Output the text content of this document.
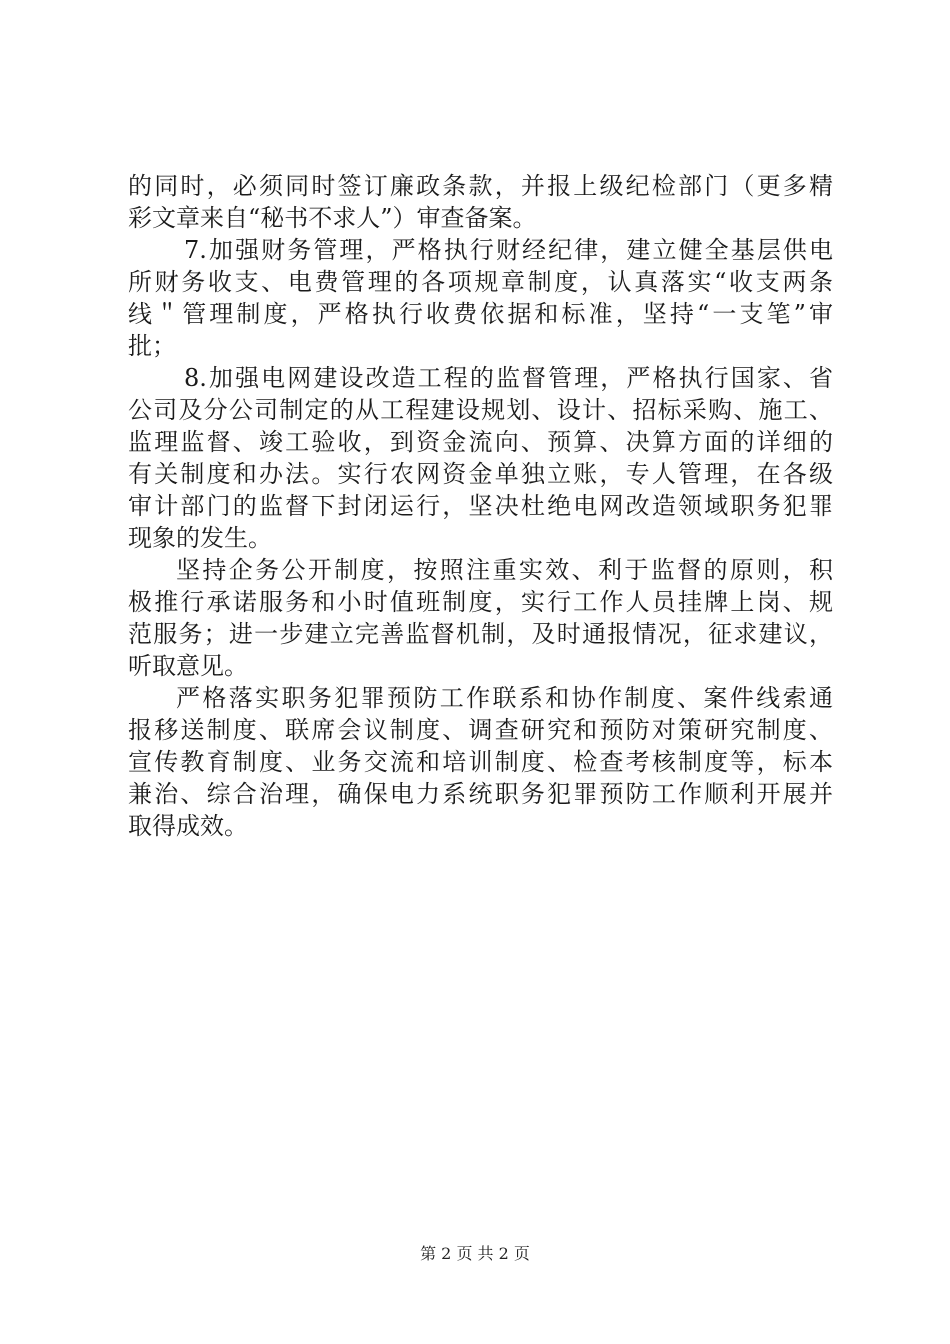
的同时，必须同时签订廉政条款，并报上级纪检部门（更多精
彩文章来自“秘书不求人”）审查备案。
7.加强财务管理，严格执行财经纪律，建立健全基层供电
所财务收支、电费管理的各项规章制度，认真落实“收支两条
线＂管理制度，严格执行收费依据和标准，坚持“一支笔”审
批；
8.加强电网建设改造工程的监督管理，严格执行国家、省
公司及分公司制定的从工程建设规划、设计、招标采购、施工、
监理监督、竣工验收，到资金流向、预算、决算方面的详细的
有关制度和办法。实行农网资金单独立账，专人管理，在各级
审计部门的监督下封闭运行，坚决杜绝电网改造领域职务犯罪
现象的发生。
坚持企务公开制度，按照注重实效、利于监督的原则，积
极推行承诺服务和小时值班制度，实行工作人员挂牌上岗、规
范服务；进一步建立完善监督机制，及时通报情况，征求建议，
听取意见。
严格落实职务犯罪预防工作联系和协作制度、案件线索通
报移送制度、联席会议制度、调查研究和预防对策研究制度、
宣传教育制度、业务交流和培训制度、检查考核制度等，标本
兼治、综合治理，确保电力系统职务犯罪预防工作顺利开展并
取得成效。
第 2 页 共 2 页
